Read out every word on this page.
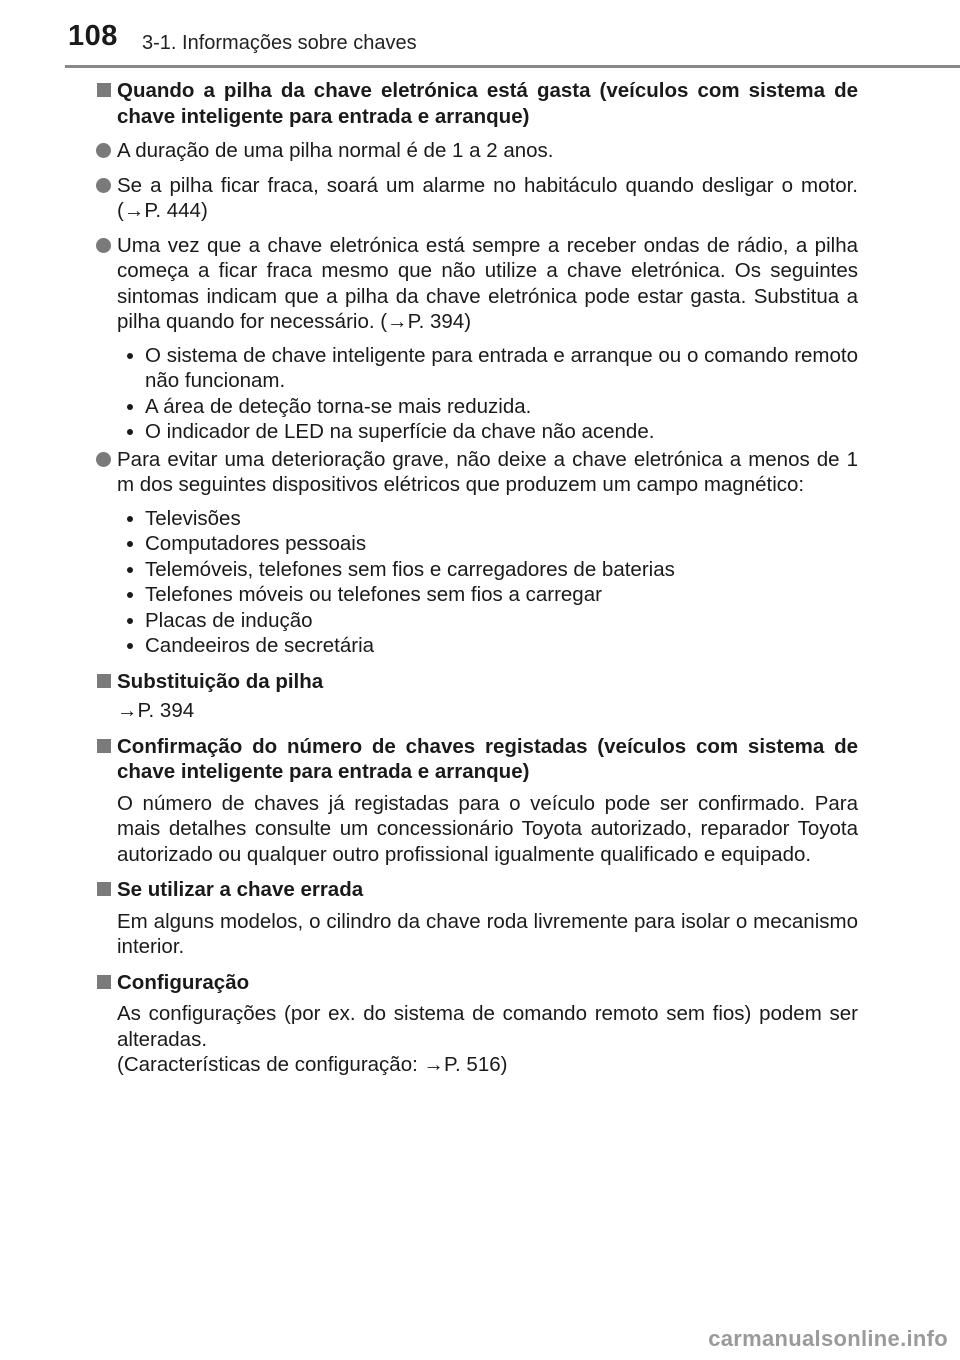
108 3-1. Informações sobre chaves
Quando a pilha da chave eletrónica está gasta (veículos com sistema de chave inteligente para entrada e arranque)
A duração de uma pilha normal é de 1 a 2 anos.
Se a pilha ficar fraca, soará um alarme no habitáculo quando desligar o motor. (→P. 444)
Uma vez que a chave eletrónica está sempre a receber ondas de rádio, a pilha começa a ficar fraca mesmo que não utilize a chave eletrónica. Os seguintes sintomas indicam que a pilha da chave eletrónica pode estar gasta. Substitua a pilha quando for necessário. (→P. 394)
O sistema de chave inteligente para entrada e arranque ou o comando remoto não funcionam.
A área de deteção torna-se mais reduzida.
O indicador de LED na superfície da chave não acende.
Para evitar uma deterioração grave, não deixe a chave eletrónica a menos de 1 m dos seguintes dispositivos elétricos que produzem um campo magnético:
Televisões
Computadores pessoais
Telemóveis, telefones sem fios e carregadores de baterias
Telefones móveis ou telefones sem fios a carregar
Placas de indução
Candeeiros de secretária
Substituição da pilha
→P. 394
Confirmação do número de chaves registadas (veículos com sistema de chave inteligente para entrada e arranque)
O número de chaves já registadas para o veículo pode ser confirmado. Para mais detalhes consulte um concessionário Toyota autorizado, reparador Toyota autorizado ou qualquer outro profissional igualmente qualificado e equipado.
Se utilizar a chave errada
Em alguns modelos, o cilindro da chave roda livremente para isolar o mecanismo interior.
Configuração
As configurações (por ex. do sistema de comando remoto sem fios) podem ser alteradas.
(Características de configuração: →P. 516)
carmanualsonline.info
